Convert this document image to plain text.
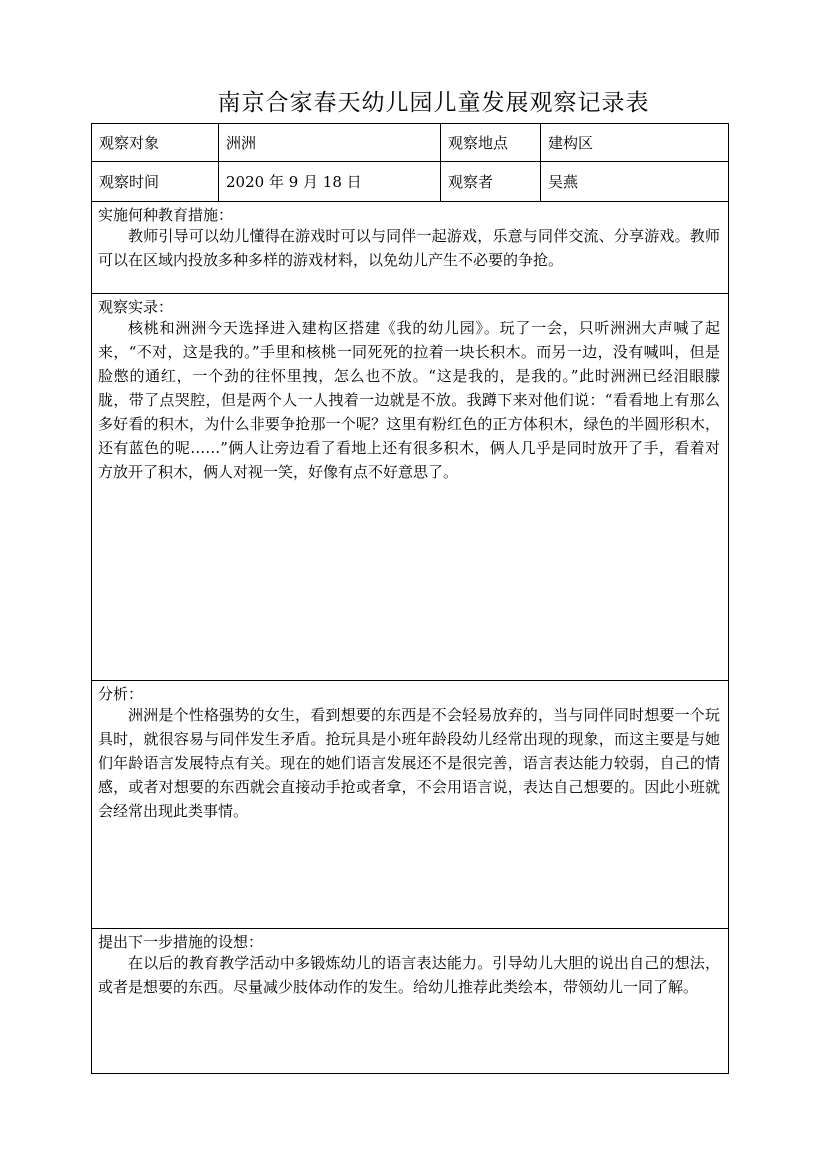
南京合家春天幼儿园儿童发展观察记录表
观察对象	洲洲	观察地点	建构区
观察时间	2020 年 9 月 18 日	观察者	吴燕
实施何种教育措施：

教师引导可以幼儿懂得在游戏时可以与同伴一起游戏，乐意与同伴交流、分享游戏。教师可以在区域内投放多种多样的游戏材料，以免幼儿产生不必要的争抢。

观察实录：

核桃和洲洲今天选择进入建构区搭建《我的幼儿园》。玩了一会，只听洲洲大声喊了起来，“不对，这是我的。”手里和核桃一同死死的拉着一块长积木。而另一边，没有喊叫，但是脸憋的通红，一个劲的往怀里拽，怎么也不放。“这是我的，是我的。”此时洲洲已经泪眼朦胧，带了点哭腔，但是两个人一人拽着一边就是不放。我蹲下来对他们说：“看看地上有那么多好看的积木，为什么非要争抢那一个呢？这里有粉红色的正方体积木，绿色的半圆形积木，还有蓝色的呢……”俩人让旁边看了看地上还有很多积木，俩人几乎是同时放开了手，看着对方放开了积木，俩人对视一笑，好像有点不好意思了。

分析：

洲洲是个性格强势的女生，看到想要的东西是不会轻易放弃的，当与同伴同时想要一个玩具时，就很容易与同伴发生矛盾。抢玩具是小班年龄段幼儿经常出现的现象，而这主要是与她们年龄语言发展特点有关。现在的她们语言发展还不是很完善，语言表达能力较弱，自己的情感，或者对想要的东西就会直接动手抢或者拿，不会用语言说，表达自己想要的。因此小班就会经常出现此类事情。

提出下一步措施的设想：

在以后的教育教学活动中多锻炼幼儿的语言表达能力。引导幼儿大胆的说出自己的想法，或者是想要的东西。尽量减少肢体动作的发生。给幼儿推荐此类绘本，带领幼儿一同了解。
